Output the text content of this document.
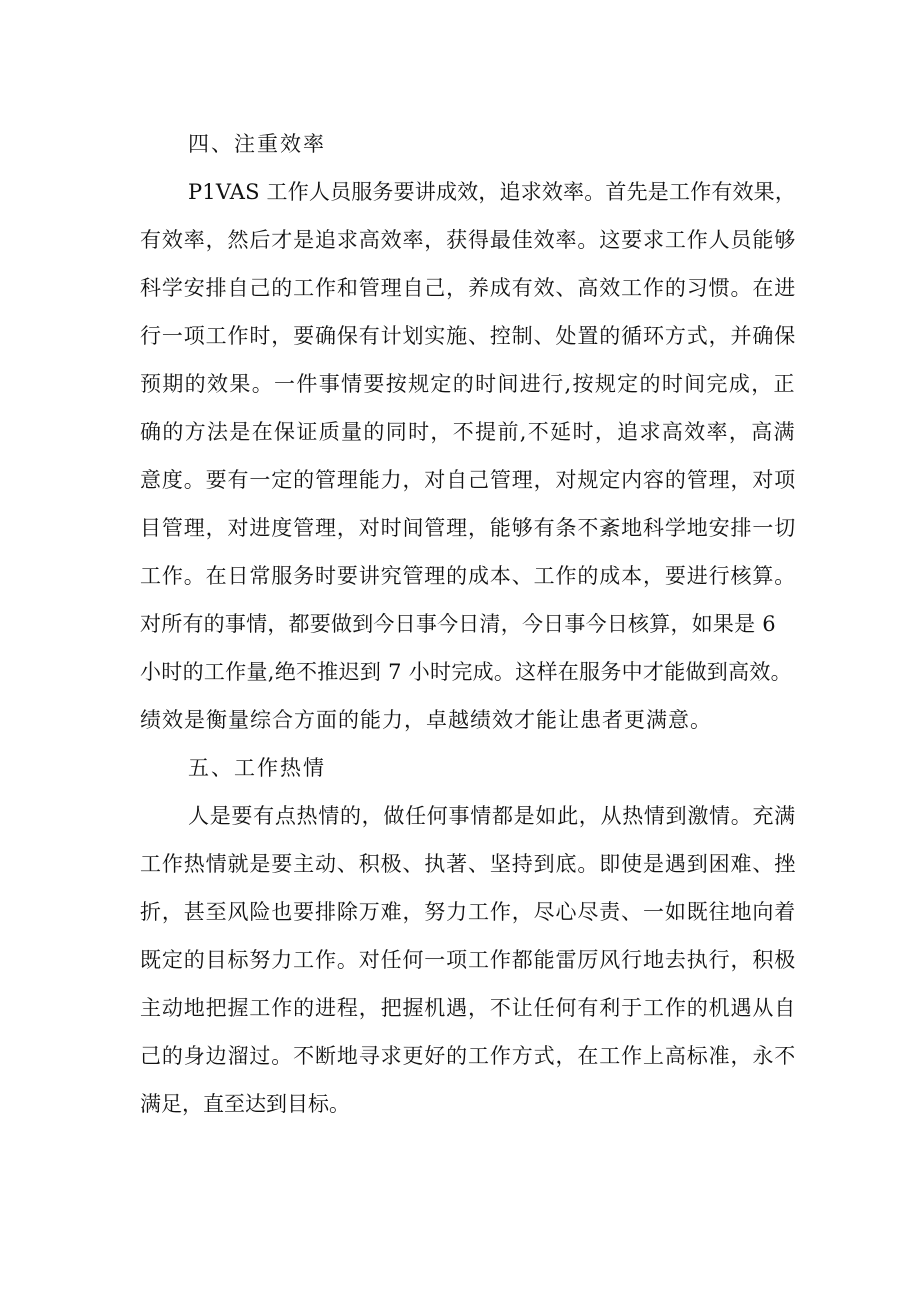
四、注重效率
P1VAS 工作人员服务要讲成效，追求效率。首先是工作有效果，
有效率，然后才是追求高效率，获得最佳效率。这要求工作人员能够
科学安排自己的工作和管理自己，养成有效、高效工作的习惯。在进
行一项工作时，要确保有计划实施、控制、处置的循环方式，并确保
预期的效果。一件事情要按规定的时间进行,按规定的时间完成，正
确的方法是在保证质量的同时，不提前,不延时，追求高效率，高满
意度。要有一定的管理能力，对自己管理，对规定内容的管理，对项
目管理，对进度管理，对时间管理，能够有条不紊地科学地安排一切
工作。在日常服务时要讲究管理的成本、工作的成本，要进行核算。
对所有的事情，都要做到今日事今日清，今日事今日核算，如果是 6
小时的工作量,绝不推迟到 7 小时完成。这样在服务中才能做到高效。
绩效是衡量综合方面的能力，卓越绩效才能让患者更满意。
五、工作热情
人是要有点热情的，做任何事情都是如此，从热情到激情。充满
工作热情就是要主动、积极、执著、坚持到底。即使是遇到困难、挫
折，甚至风险也要排除万难，努力工作，尽心尽责、一如既往地向着
既定的目标努力工作。对任何一项工作都能雷厉风行地去执行，积极
主动地把握工作的进程，把握机遇，不让任何有利于工作的机遇从自
己的身边溜过。不断地寻求更好的工作方式，在工作上高标准，永不
满足，直至达到目标。
